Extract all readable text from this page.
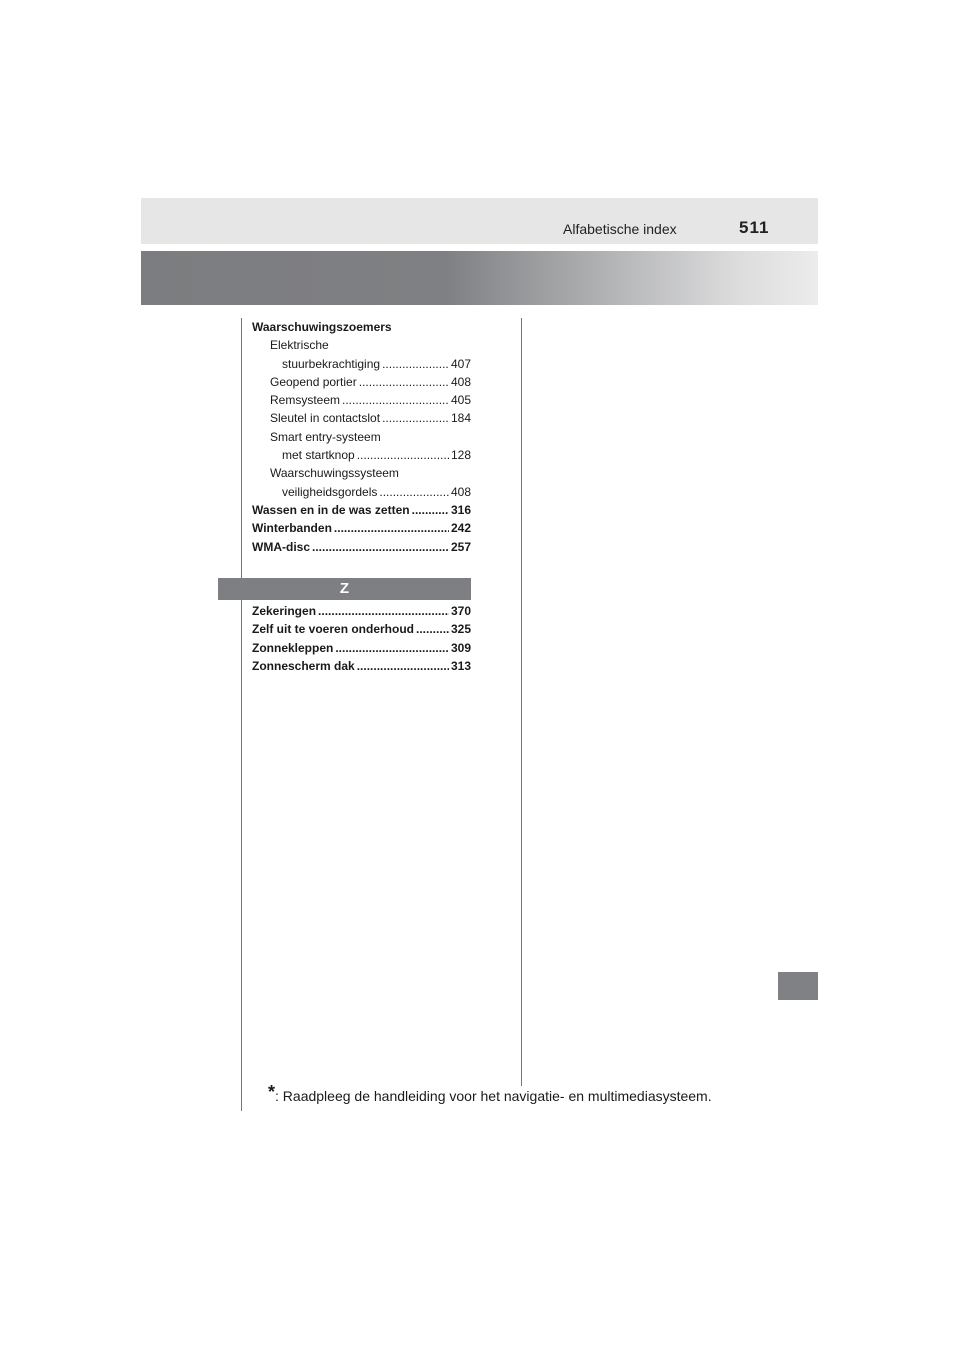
Alfabetische index	511
Waarschuwingszoemers
Elektrische
stuurbekrachtiging .....	407
Geopend portier .....	408
Remsysteem .....	405
Sleutel in contactslot .....	184
Smart entry-systeem
met startknop .....	128
Waarschuwingssysteem
veiligheidsgordels .....	408
Wassen en in de was zetten .....	316
Winterbanden .....	242
WMA-disc .....	257
Z
Zekeringen .....	370
Zelf uit te voeren onderhoud .....	325
Zonnekleppen .....	309
Zonnescherm dak .....	313
*: Raadpleeg de handleiding voor het navigatie- en multimediasysteem.
